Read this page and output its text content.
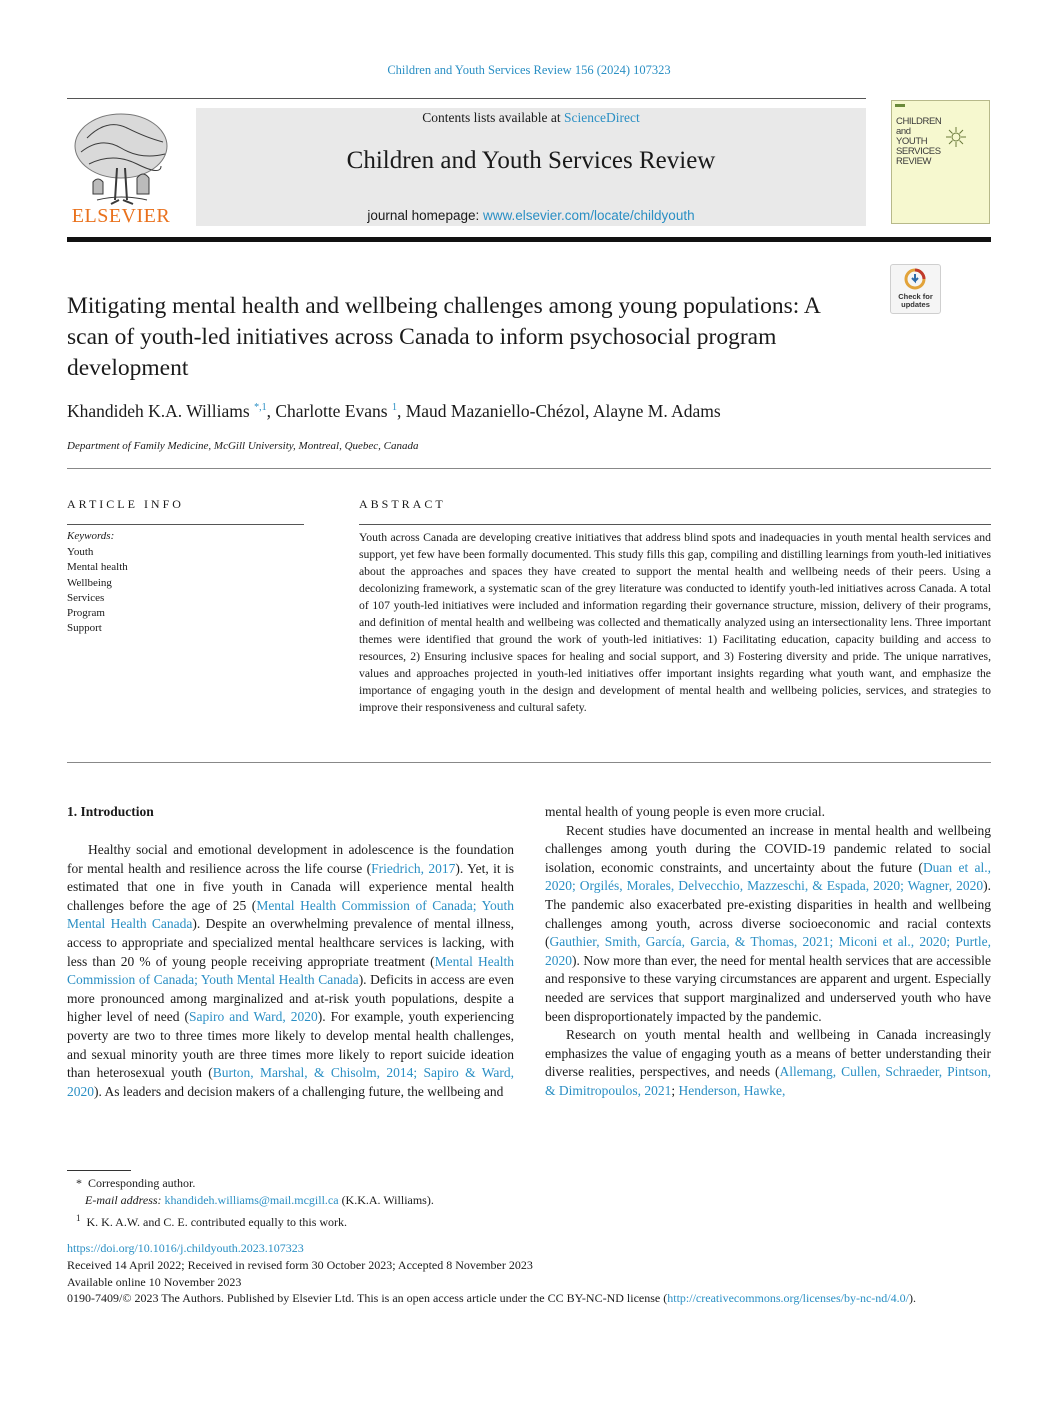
Children and Youth Services Review 156 (2024) 107323
ELSEVIER
Contents lists available at ScienceDirect
Children and Youth Services Review
journal homepage: www.elsevier.com/locate/childyouth
CHILDREN
and
YOUTH
SERVICES
REVIEW
Check for
updates
Mitigating mental health and wellbeing challenges among young populations: A scan of youth-led initiatives across Canada to inform psychosocial program development
Khandideh K.A. Williams $^{*,1}$, Charlotte Evans $^1$, Maud Mazaniello-Chézol, Alayne M. Adams
Department of Family Medicine, McGill University, Montreal, Quebec, Canada
ARTICLE INFO
Keywords:
Youth
Mental health
Wellbeing
Services
Program
Support
ABSTRACT
Youth across Canada are developing creative initiatives that address blind spots and inadequacies in youth mental health services and support, yet few have been formally documented. This study fills this gap, compiling and distilling learnings from youth-led initiatives about the approaches and spaces they have created to support the mental health and wellbeing needs of their peers. Using a decolonizing framework, a systematic scan of the grey literature was conducted to identify youth-led initiatives across Canada. A total of 107 youth-led initiatives were included and information regarding their governance structure, mission, delivery of their programs, and definition of mental health and wellbeing was collected and thematically analyzed using an intersectionality lens. Three important themes were identified that ground the work of youth-led initiatives: 1) Facilitating education, capacity building and access to resources, 2) Ensuring inclusive spaces for healing and social support, and 3) Fostering diversity and pride. The unique narratives, values and approaches projected in youth-led initiatives offer important insights regarding what youth want, and emphasize the importance of engaging youth in the design and development of mental health and wellbeing policies, services, and strategies to improve their responsiveness and cultural safety.
1. Introduction

Healthy social and emotional development in adolescence is the foundation for mental health and resilience across the life course (Friedrich, 2017). Yet, it is estimated that one in five youth in Canada will experience mental health challenges before the age of 25 (Mental Health Commission of Canada; Youth Mental Health Canada). Despite an overwhelming prevalence of mental illness, access to appropriate and specialized mental healthcare services is lacking, with less than 20 % of young people receiving appropriate treatment (Mental Health Commission of Canada; Youth Mental Health Canada). Deficits in access are even more pronounced among marginalized and at-risk youth populations, despite a higher level of need (Sapiro and Ward, 2020). For example, youth experiencing poverty are two to three times more likely to develop mental health challenges, and sexual minority youth are three times more likely to report suicide ideation than heterosexual youth (Burton, Marshal, & Chisolm, 2014; Sapiro & Ward, 2020). As leaders and decision makers of a challenging future, the wellbeing and

mental health of young people is even more crucial.

Recent studies have documented an increase in mental health and wellbeing challenges among youth during the COVID-19 pandemic related to social isolation, economic constraints, and uncertainty about the future (Duan et al., 2020; Orgilés, Morales, Delvecchio, Mazzeschi, & Espada, 2020; Wagner, 2020). The pandemic also exacerbated pre-existing disparities in health and wellbeing challenges among youth, across diverse socioeconomic and racial contexts (Gauthier, Smith, García, Garcia, & Thomas, 2021; Miconi et al., 2020; Purtle, 2020). Now more than ever, the need for mental health services that are accessible and responsive to these varying circumstances are apparent and urgent. Especially needed are services that support marginalized and underserved youth who have been disproportionately impacted by the pandemic.

Research on youth mental health and wellbeing in Canada increasingly emphasizes the value of engaging youth as a means of better understanding their diverse realities, perspectives, and needs (Allemang, Cullen, Schraeder, Pintson, & Dimitropoulos, 2021; Henderson, Hawke,

*  Corresponding author.
E-mail address: khandideh.williams@mail.mcgill.ca (K.K.A. Williams).
$^1$ K. K. A.W. and C. E. contributed equally to this work.
https://doi.org/10.1016/j.childyouth.2023.107323
Received 14 April 2022; Received in revised form 30 October 2023; Accepted 8 November 2023
Available online 10 November 2023
0190-7409/© 2023 The Authors. Published by Elsevier Ltd. This is an open access article under the CC BY-NC-ND license (http://creativecommons.org/licenses/by-nc-nd/4.0/).
